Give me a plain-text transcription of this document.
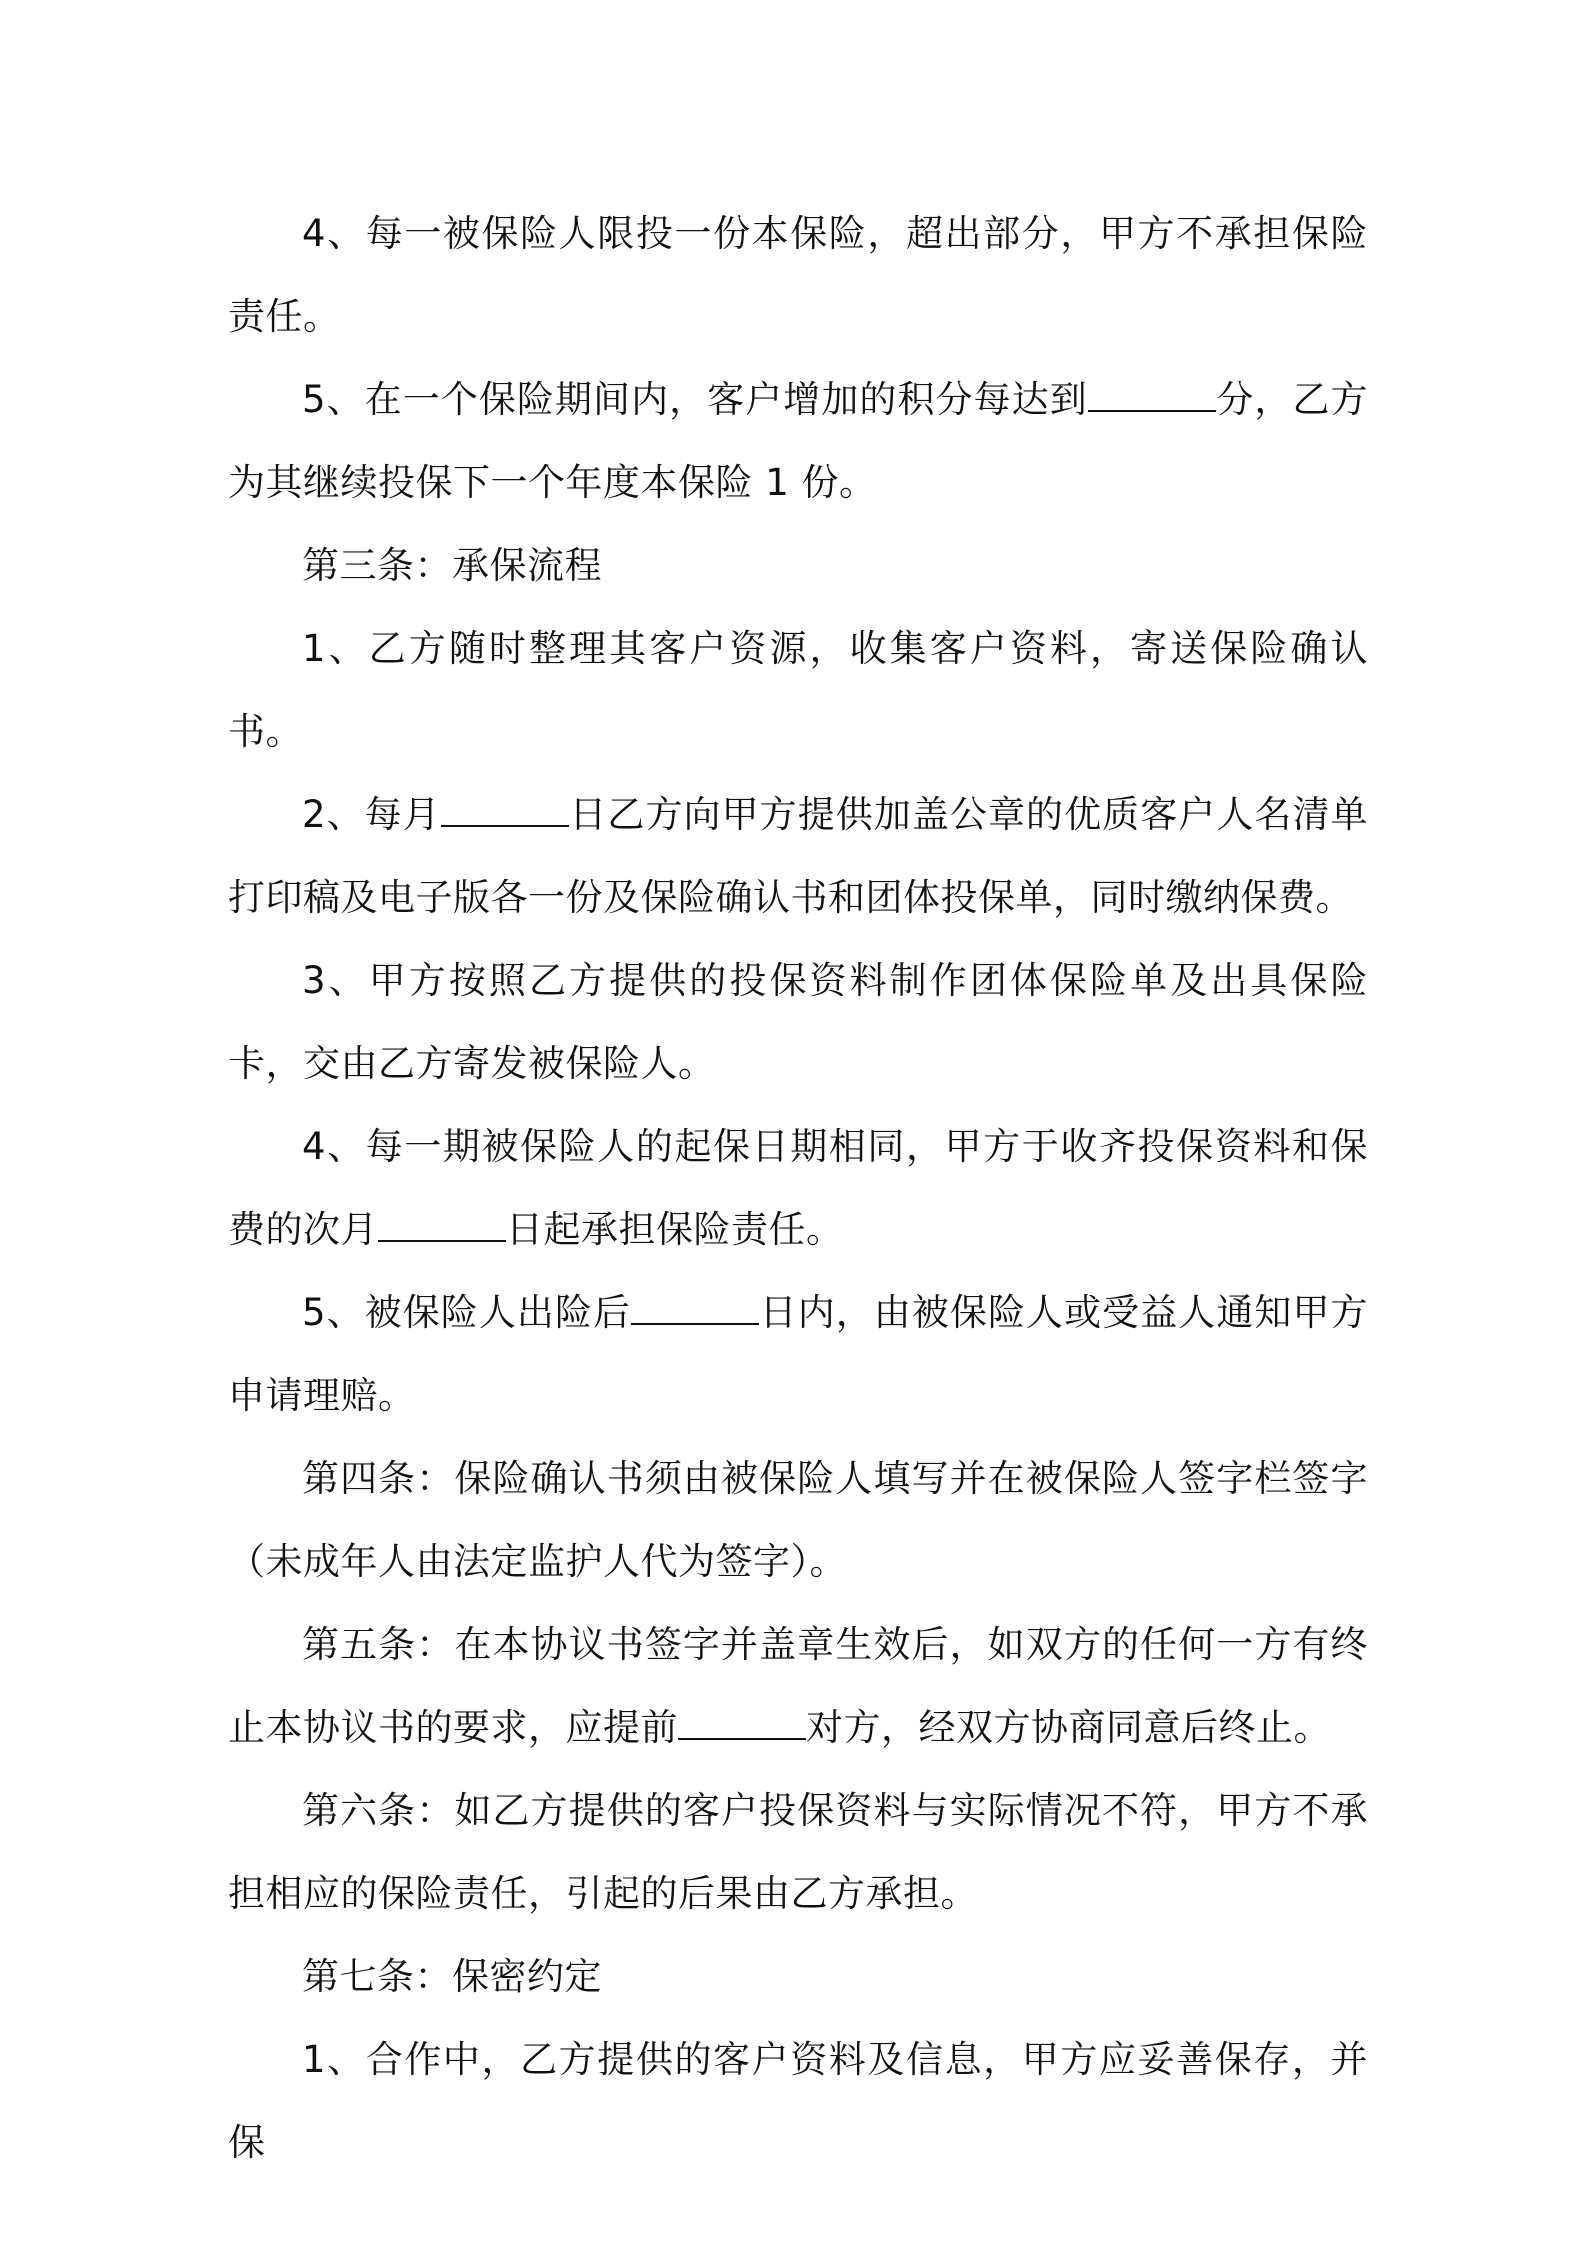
4、每一被保险人限投一份本保险，超出部分，甲方不承担保险责任。

5、在一个保险期间内，客户增加的积分每达到	分，乙方为其继续投保下一个年度本保险 1 份。

第三条：承保流程

1、乙方随时整理其客户资源，收集客户资料，寄送保险确认书。

2、每月	日乙方向甲方提供加盖公章的优质客户人名清单打印稿及电子版各一份及保险确认书和团体投保单，同时缴纳保费。

3、甲方按照乙方提供的投保资料制作团体保险单及出具保险卡，交由乙方寄发被保险人。

4、每一期被保险人的起保日期相同，甲方于收齐投保资料和保费的次月	日起承担保险责任。

5、被保险人出险后	日内，由被保险人或受益人通知甲方申请理赔。

第四条：保险确认书须由被保险人填写并在被保险人签字栏签字（未成年人由法定监护人代为签字）。

第五条：在本协议书签字并盖章生效后，如双方的任何一方有终止本协议书的要求，应提前	对方，经双方协商同意后终止。

第六条：如乙方提供的客户投保资料与实际情况不符，甲方不承担相应的保险责任，引起的后果由乙方承担。

第七条：保密约定

1、合作中，乙方提供的客户资料及信息，甲方应妥善保存，并保
